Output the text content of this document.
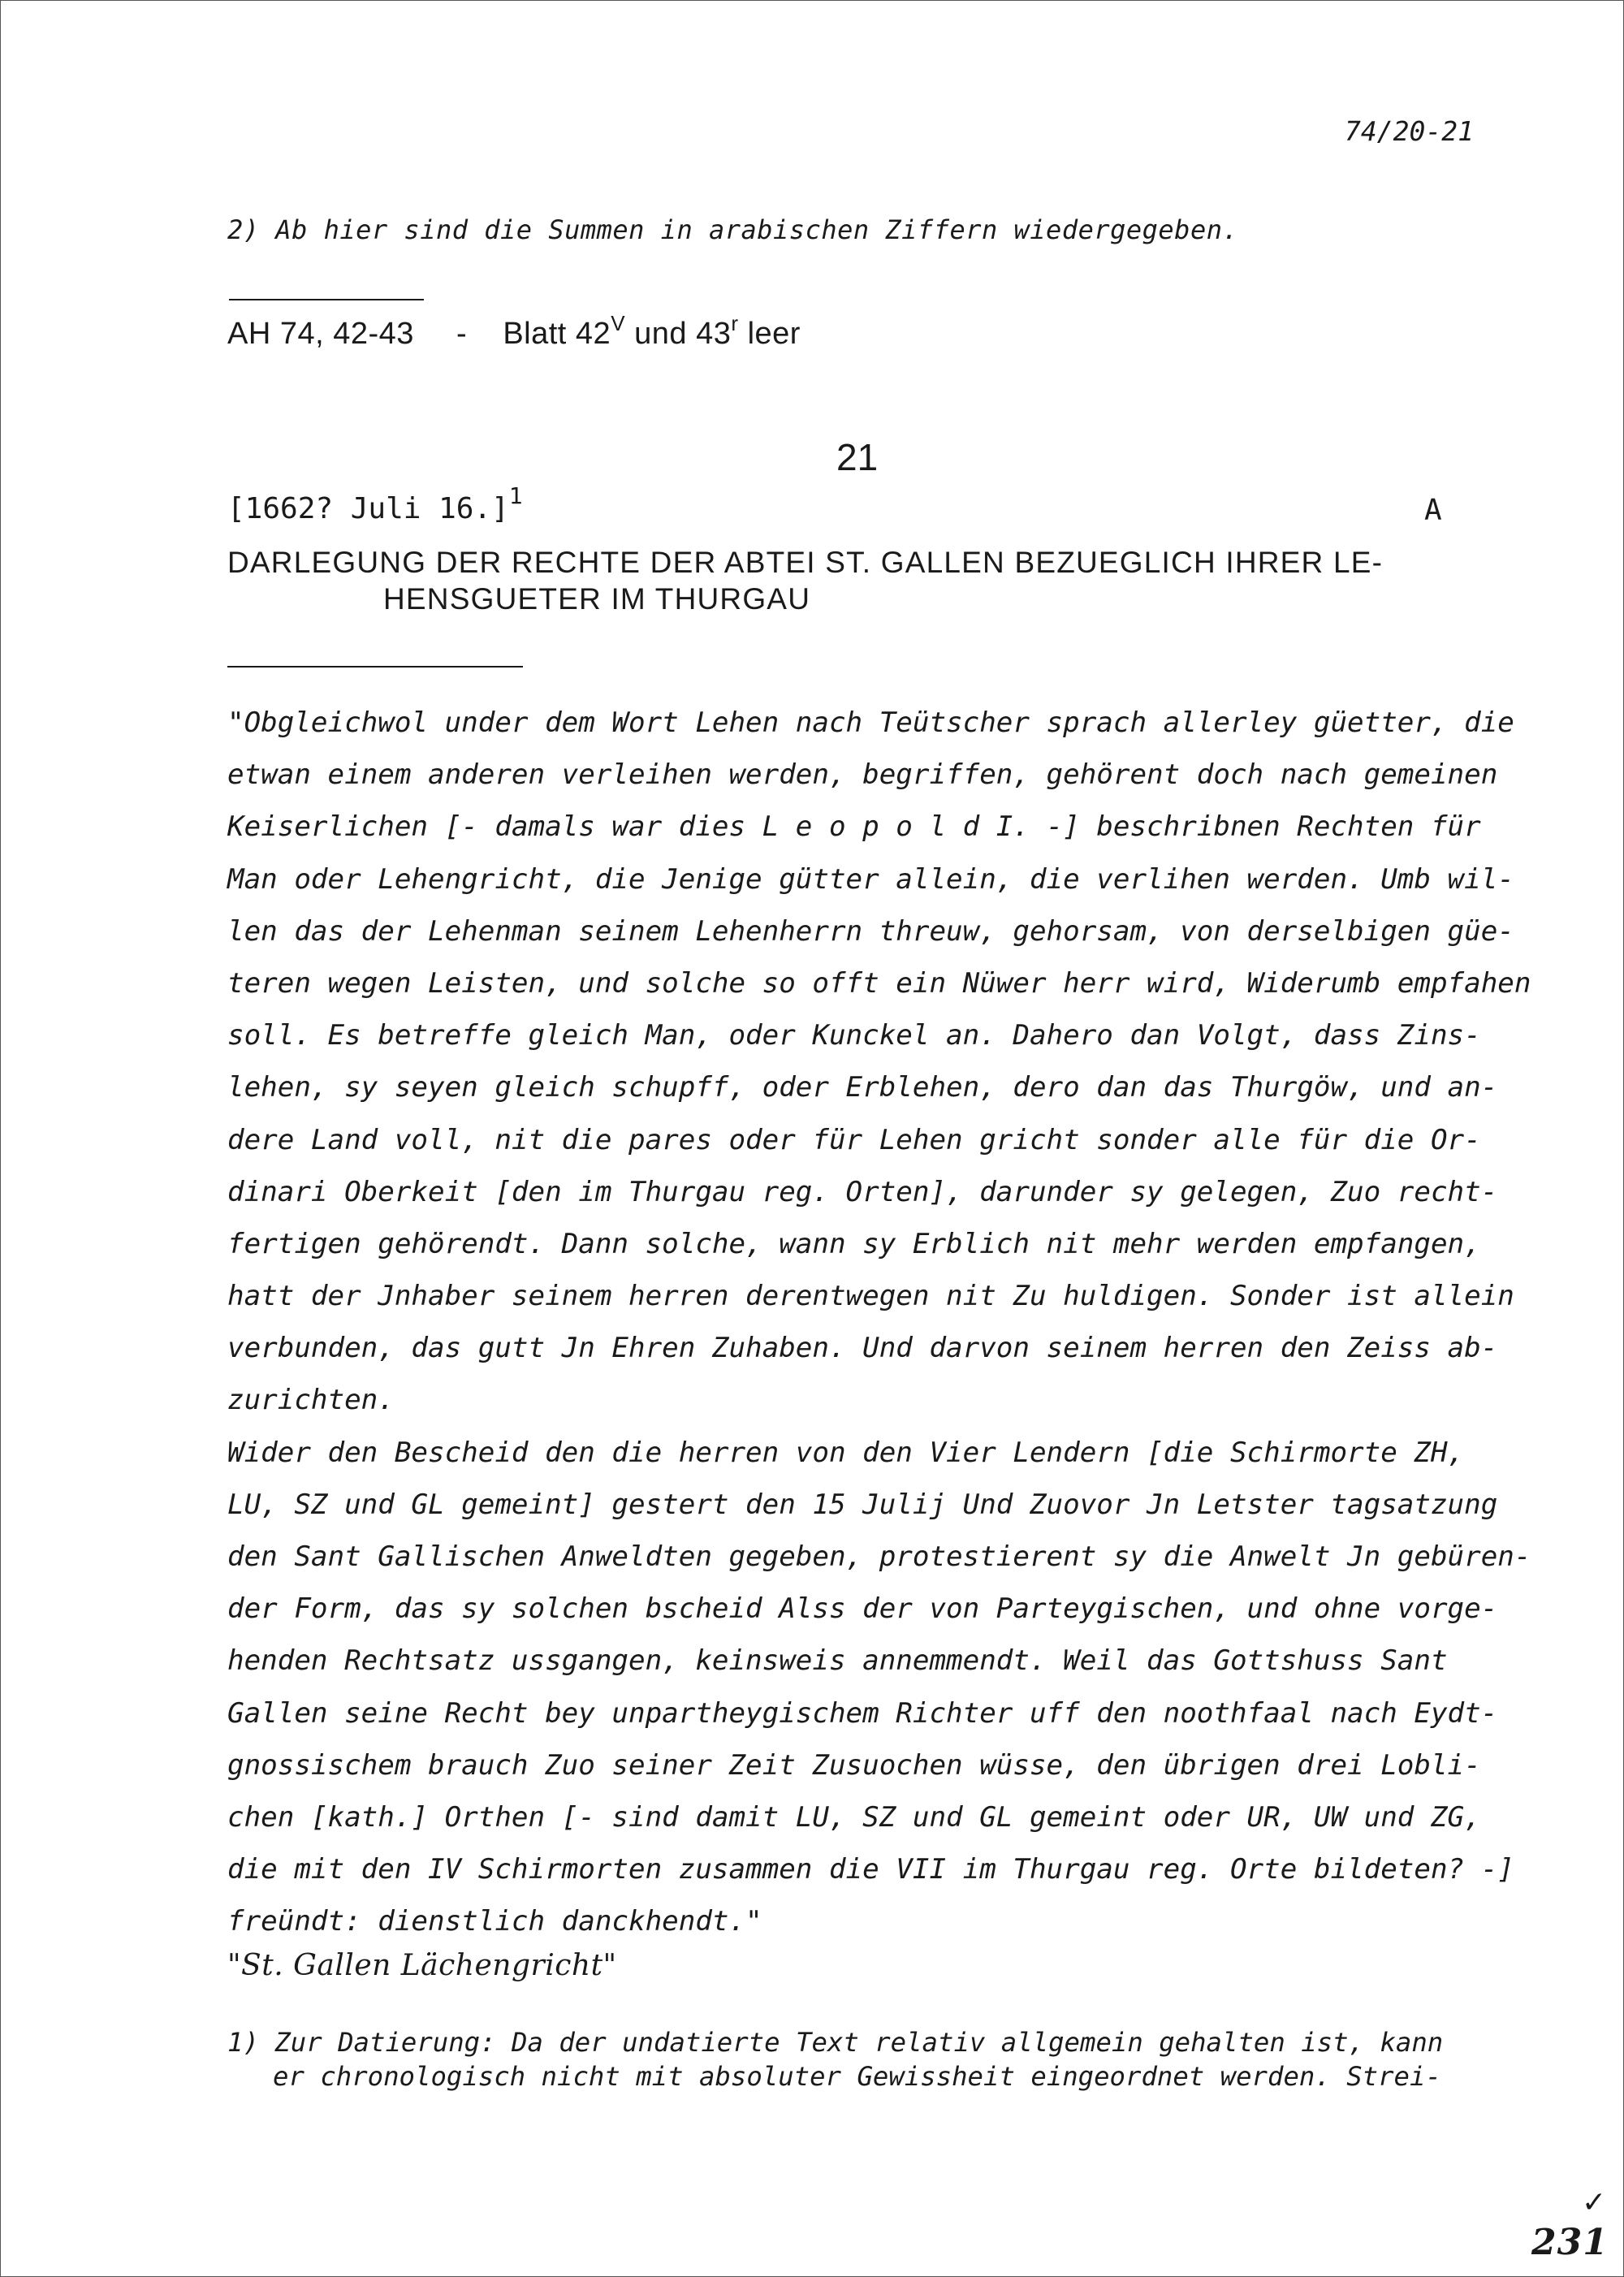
74/20-21
2) Ab hier sind die Summen in arabischen Ziffern wiedergegeben.
AH 74, 42-43 - Blatt $42^V$ und 43$^r$ leer
21
[1662? Juli 16.]$^1$	A
DARLEGUNG DER RECHTE DER ABTEI ST. GALLEN BEZUEGLICH IHRER LE-
HENSGUETER IM THURGAU
"Obgleichwol under dem Wort Lehen nach Teütscher sprach allerley güetter, die
etwan einem anderen verleihen werden, begriffen, gehörent doch nach gemeinen
Keiserlichen [- damals war dies L e o p o l d I. -] beschribnen Rechten für
Man oder Lehengricht, die Jenige gütter allein, die verlihen werden. Umb wil-
len das der Lehenman seinem Lehenherrn threuw, gehorsam, von derselbigen güe-
teren wegen Leisten, und solche so offt ein Nüwer herr wird, Widerumb empfahen
soll. Es betreffe gleich Man, oder Kunckel an. Dahero dan Volgt, dass Zins-
lehen, sy seyen gleich schupff, oder Erblehen, dero dan das Thurgöw, und an-
dere Land voll, nit die pares oder für Lehen gricht sonder alle für die Or-
dinari Oberkeit [den im Thurgau reg. Orten], darunder sy gelegen, Zuo recht-
fertigen gehörendt. Dann solche, wann sy Erblich nit mehr werden empfangen,
hatt der Jnhaber seinem herren derentwegen nit Zu huldigen. Sonder ist allein
verbunden, das gutt Jn Ehren Zuhaben. Und darvon seinem herren den Zeiss ab-
zurichten.
Wider den Bescheid den die herren von den Vier Lendern [die Schirmorte ZH,
LU, SZ und GL gemeint] gestert den 15 Julij Und Zuovor Jn Letster tagsatzung
den Sant Gallischen Anweldten gegeben, protestierent sy die Anwelt Jn gebüren-
der Form, das sy solchen bscheid Alss der von Parteygischen, und ohne vorge-
henden Rechtsatz ussgangen, keinsweis annemmendt. Weil das Gottshuss Sant
Gallen seine Recht bey unpartheygischem Richter uff den noothfaal nach Eydt-
gnossischem brauch Zuo seiner Zeit Zusuochen wüsse, den übrigen drei Lobli-
chen [kath.] Orthen [- sind damit LU, SZ und GL gemeint oder UR, UW und ZG,
die mit den IV Schirmorten zusammen die VII im Thurgau reg. Orte bildeten? -]
freündt: dienstlich danckhendt."
"St. Gallen Lächengricht"
1) Zur Datierung: Da der undatierte Text relativ allgemein gehalten ist, kann
er chronologisch nicht mit absoluter Gewissheit eingeordnet werden. Strei-
✓
231
